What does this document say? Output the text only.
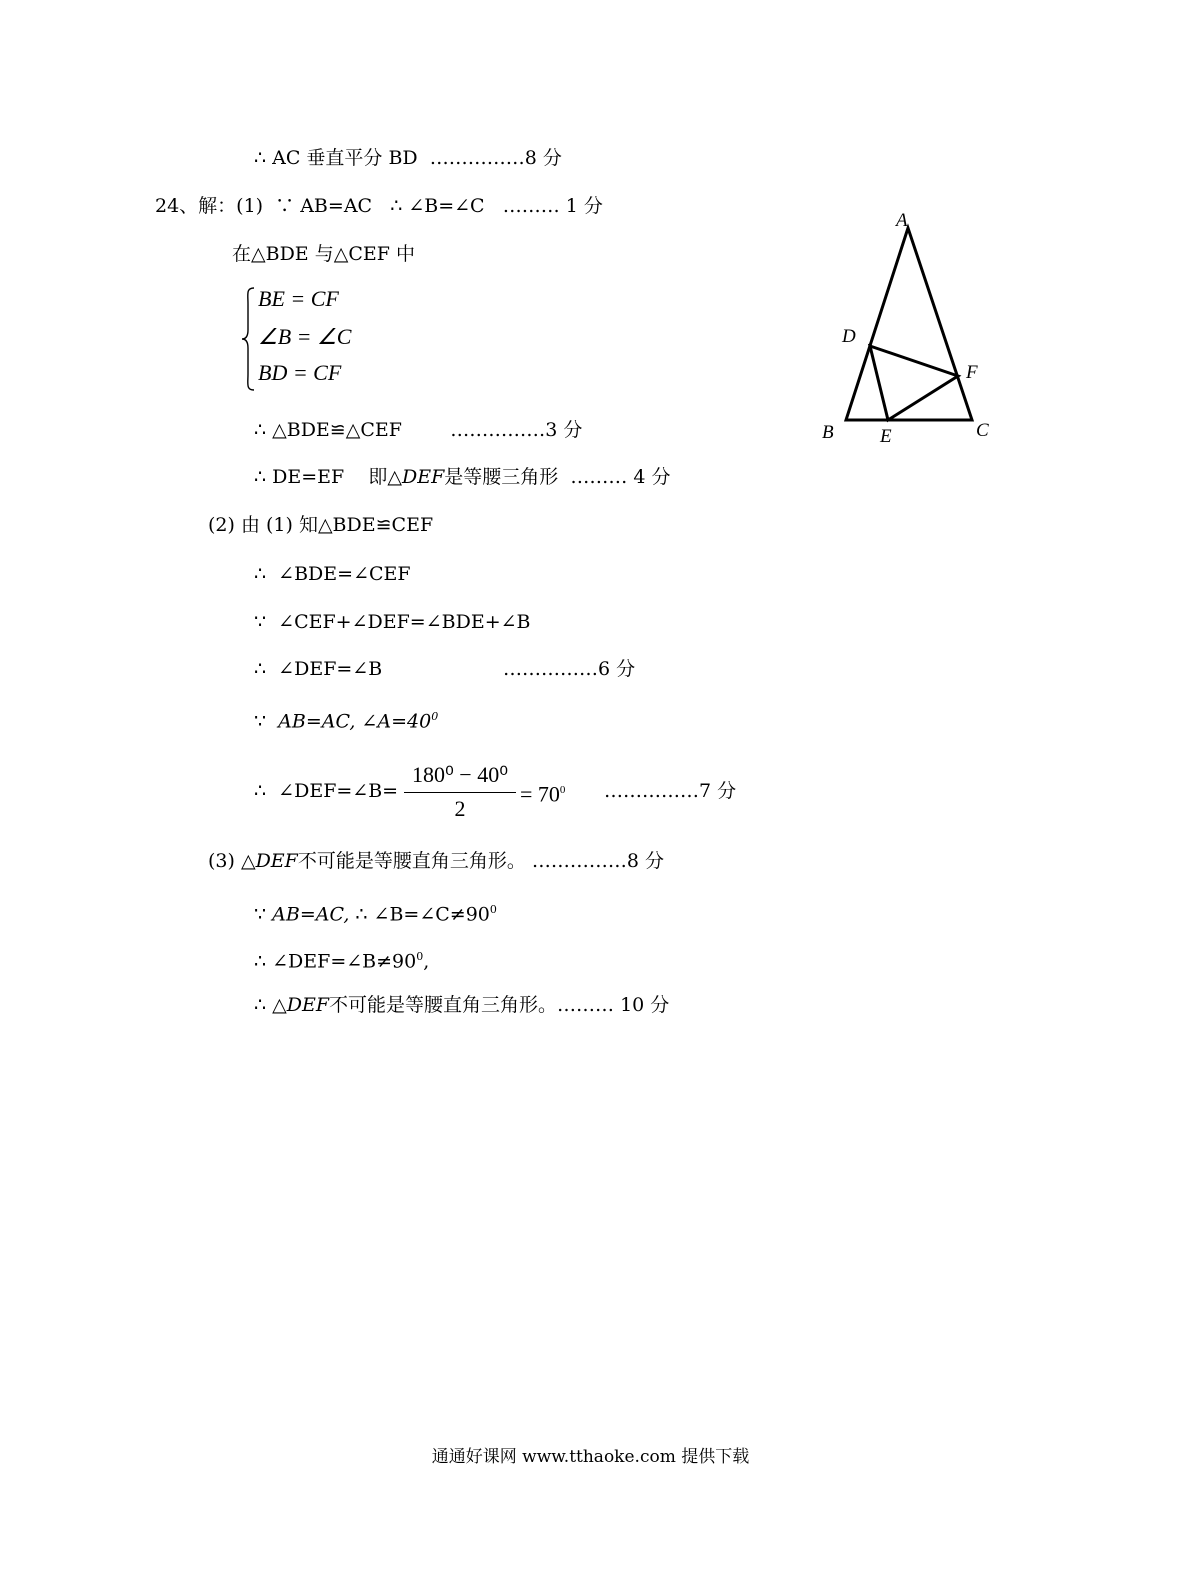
∴ AC 垂直平分 BD  ……………8 分
24、解：(1)  ∵ AB=AC   ∴ ∠B=∠C   ……… 1 分
在△BDE 与△CEF 中
BE = CF
∠B = ∠C
BD = CF
∴ △BDE≌△CEF        ……………3 分
∴ DE=EF    即△DEF是等腰三角形  ……… 4 分
(2) 由 (1) 知△BDE≌CEF
∴  ∠BDE=∠CEF
∵  ∠CEF+∠DEF=∠BDE+∠B
∴  ∠DEF=∠B                    ……………6 分
∵  AB=AC, $\angle A=40^0$
∴  ∠DEF=∠B=
180⁰ − 40⁰
2
= $70^0$ ……………7 分
(3) △DEF不可能是等腰直角三角形。 ……………8 分
∵ AB=AC, ∴ $\angle B=\angle C\ne 90^0$
∴ $\angle DEF=\angle B\ne 90^0$,
∴ △DEF不可能是等腰直角三角形。……… 10 分
A
B	C
D
E
F
通通好课网 www.tthaoke.com 提供下载
